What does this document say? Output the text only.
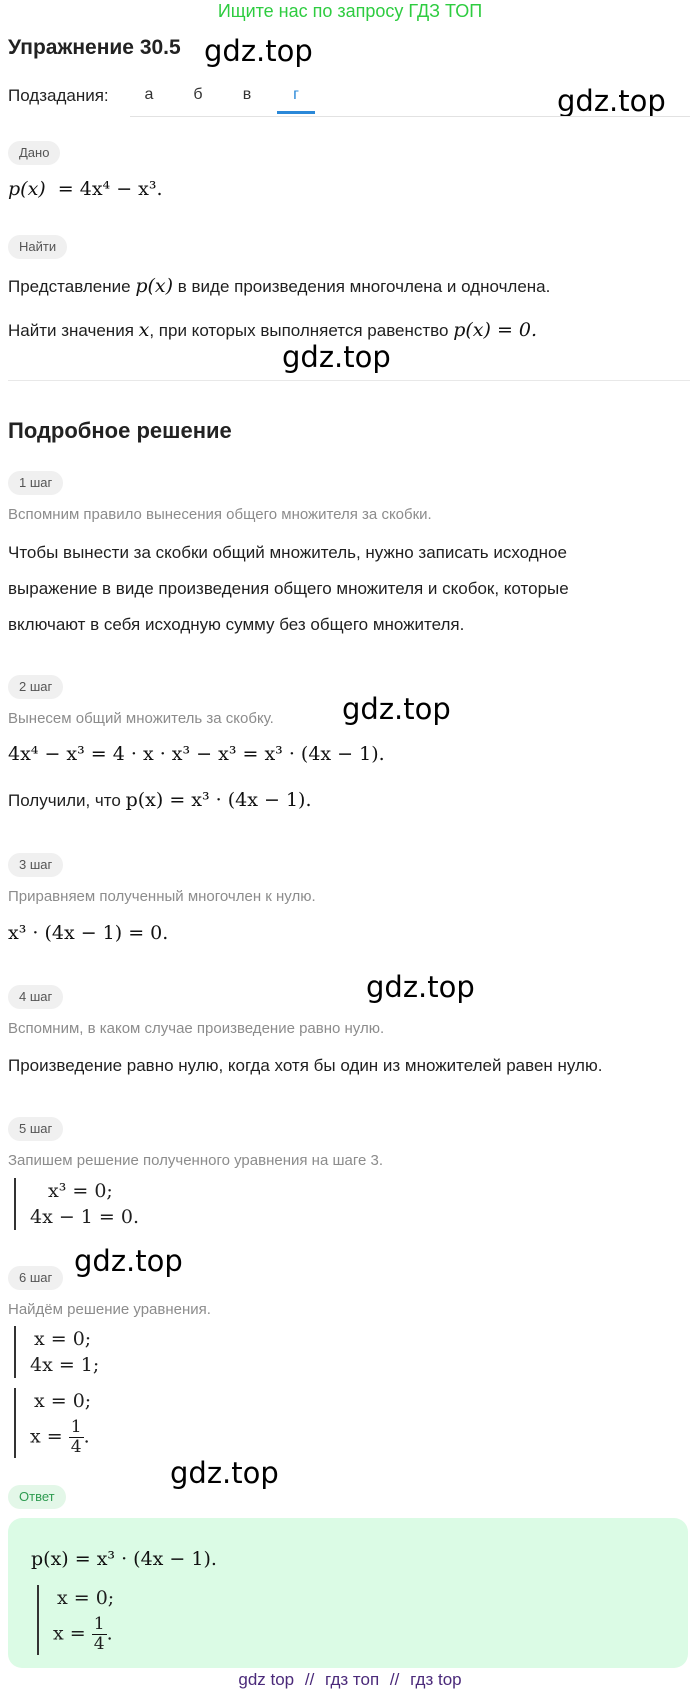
Ищите нас по запросу ГДЗ ТОП
Упражнение 30.5 gdz.top
gdz.top
gdz.top
gdz.top
gdz.top
gdz.top
gdz.top
Подзадания:	а	б	в	г
Дано
p(x) = 4x⁴ − x³.
Найти
Представление p(x) в виде произведения многочлена и одночлена.
Найти значения x, при которых выполняется равенство p(x) = 0.
Подробное решение
1 шаг
Вспомним правило вынесения общего множителя за скобки.
Чтобы вынести за скобки общий множитель, нужно записать исходное
выражение в виде произведения общего множителя и скобок, которые
включают в себя исходную сумму без общего множителя.
2 шаг
Вынесем общий множитель за скобку.
4x⁴ − x³ = 4 · x · x³ − x³ = x³ · (4x − 1).
Получили, что p(x) = x³ · (4x − 1).
3 шаг
Приравняем полученный многочлен к нулю.
x³ · (4x − 1) = 0.
4 шаг
Вспомним, в каком случае произведение равно нулю.
Произведение равно нулю, когда хотя бы один из множителей равен нулю.
5 шаг
Запишем решение полученного уравнения на шаге 3.
x³ = 0;
4x − 1 = 0.
6 шаг
Найдём решение уравнения.
x = 0;
4x = 1;
x = 0;
$x = \frac{1}{4}$ .
Ответ
p(x) = x³ · (4x − 1).
x = 0;
$x = \frac{1}{4}$ .
gdz top // гдз топ // гдз top
